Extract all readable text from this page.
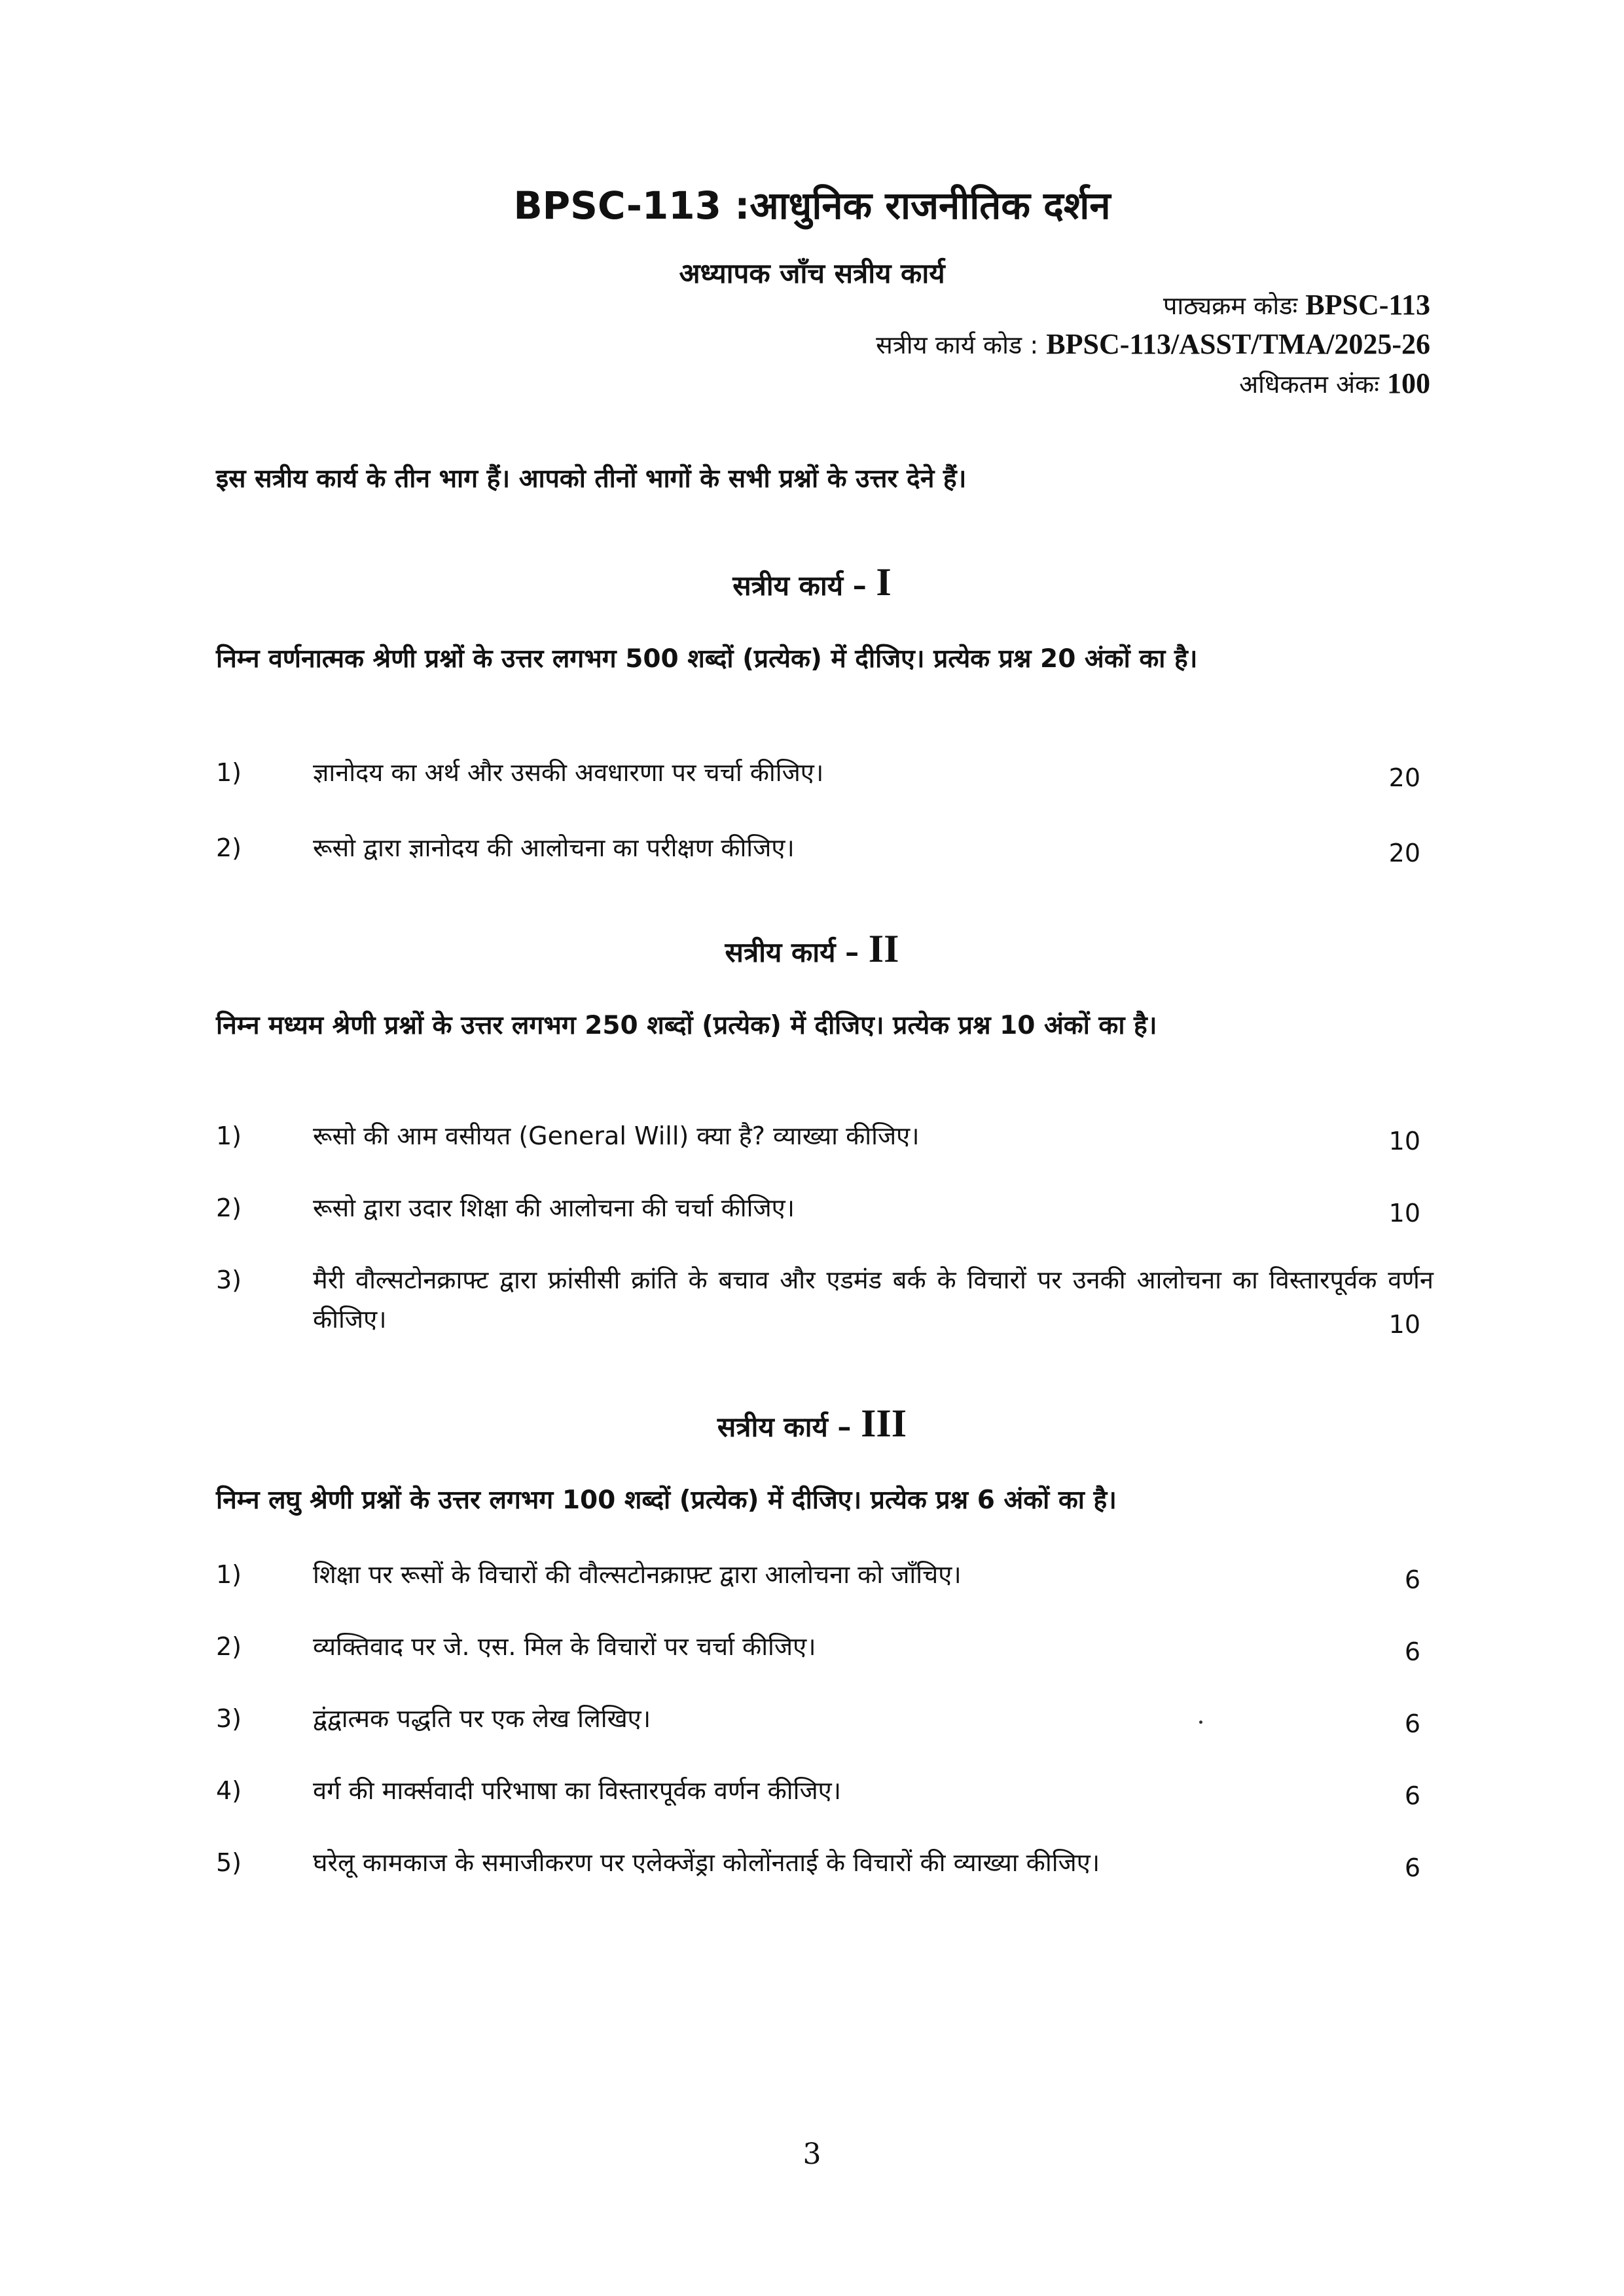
BPSC-113 :आधुनिक राजनीतिक दर्शन
अध्यापक जाँच सत्रीय कार्य
पाठ्यक्रम कोडः BPSC-113
सत्रीय कार्य कोड : BPSC-113/ASST/TMA/2025-26
अधिकतम अंकः 100
इस सत्रीय कार्य के तीन भाग हैं। आपको तीनों भागों के सभी प्रश्नों के उत्तर देने हैं।
सत्रीय कार्य – I
निम्न वर्णनात्मक श्रेणी प्रश्नों के उत्तर लगभग 500 शब्दों (प्रत्येक) में दीजिए। प्रत्येक प्रश्न 20 अंकों का है।
1)	ज्ञानोदय का अर्थ और उसकी अवधारणा पर चर्चा कीजिए।	20
2)	रूसो द्वारा ज्ञानोदय की आलोचना का परीक्षण कीजिए।	20
सत्रीय कार्य – II
निम्न मध्यम श्रेणी प्रश्नों के उत्तर लगभग 250 शब्दों (प्रत्येक) में दीजिए। प्रत्येक प्रश्न 10 अंकों का है।
1)	रूसो की आम वसीयत (General Will) क्या है? व्याख्या कीजिए।	10
2)	रूसो द्वारा उदार शिक्षा की आलोचना की चर्चा कीजिए।	10
3)	मैरी वौल्सटोनक्राफ्ट द्वारा फ्रांसीसी क्रांति के बचाव और एडमंड बर्क के विचारों पर उनकी आलोचना का विस्तारपूर्वक वर्णन कीजिए।	10
सत्रीय कार्य – III
निम्न लघु श्रेणी प्रश्नों के उत्तर लगभग 100 शब्दों (प्रत्येक) में दीजिए। प्रत्येक प्रश्न 6 अंकों का है।
1)	शिक्षा पर रूसों के विचारों की वौल्सटोनक्राफ़्ट द्वारा आलोचना को जाँचिए।	6
2)	व्यक्तिवाद पर जे. एस. मिल के विचारों पर चर्चा कीजिए।	6
3)	द्वंद्वात्मक पद्धति पर एक लेख लिखिए।	6
4)	वर्ग की मार्क्सवादी परिभाषा का विस्तारपूर्वक वर्णन कीजिए।	6
5)	घरेलू कामकाज के समाजीकरण पर एलेक्जेंड्रा कोलोंनताई के विचारों की व्याख्या कीजिए।	6
3
